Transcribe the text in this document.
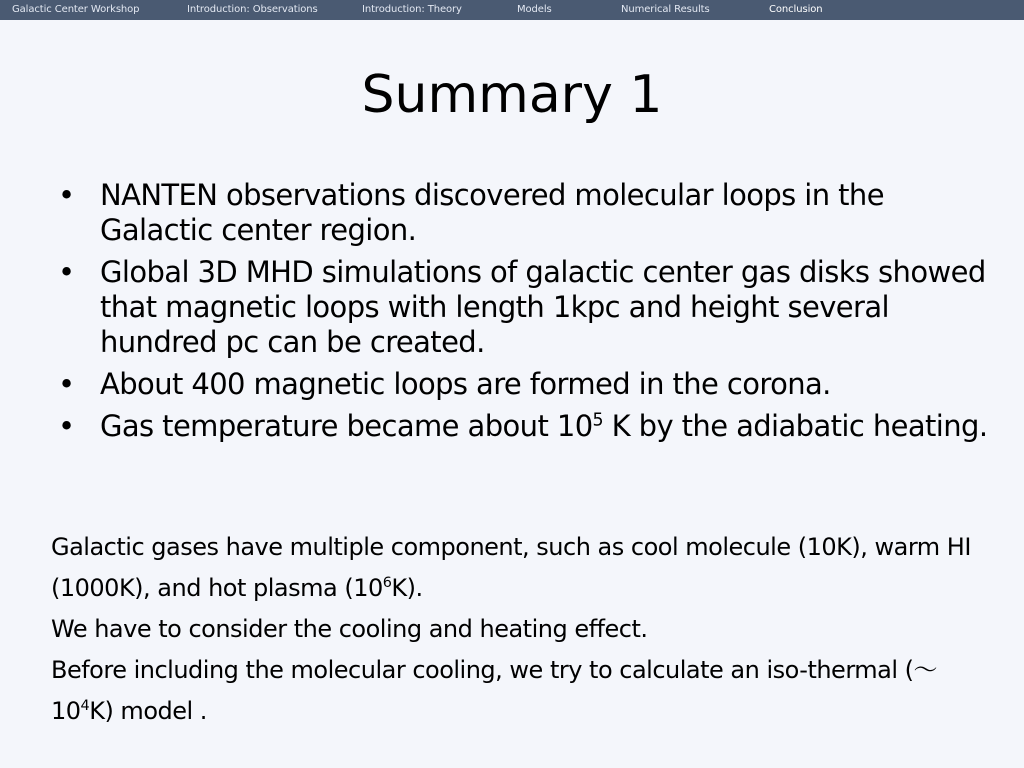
Galactic Center Workshop	Introduction: Observations	Introduction: Theory	Models	Numerical Results	Conclusion
Summary 1
• NANTEN observations discovered molecular loops in the Galactic center region.
• Global 3D MHD simulations of galactic center gas disks showed that magnetic loops with length 1kpc and height several hundred pc can be created.
• About 400 magnetic loops are formed in the corona.
• Gas temperature became about $10^5$ K by the adiabatic heating.

Galactic gases have multiple component, such as cool molecule (10K), warm HI (1000K), and hot plasma $(10^6K)$.

We have to consider the cooling and heating effect.

Before including the molecular cooling, we try to calculate an iso-thermal (〜$10^4K$) model .
